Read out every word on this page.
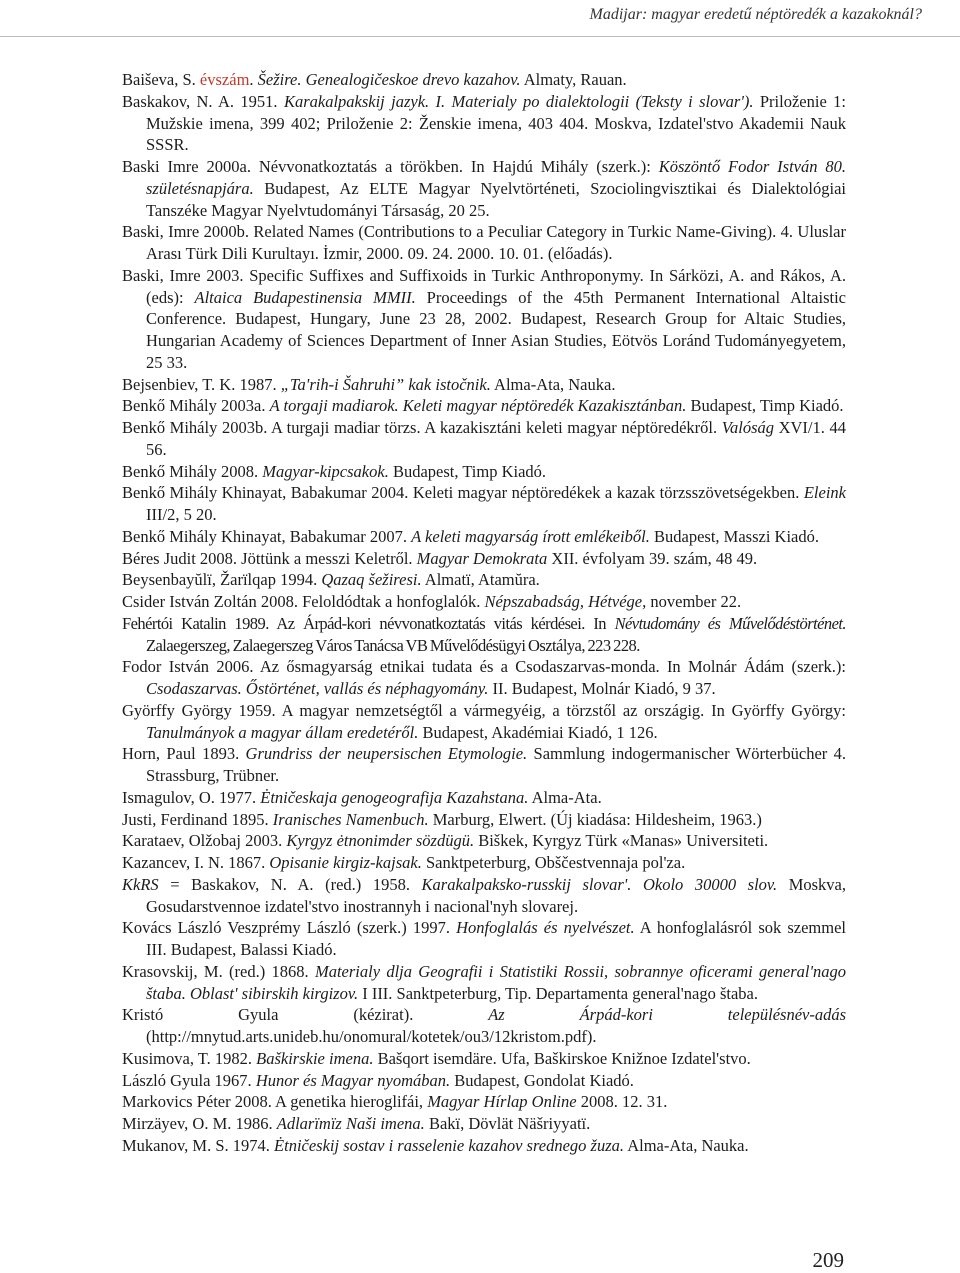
Madijar: magyar eredetű néptöredék a kazakoknál?
Baiševa, S. évszám. Šežire. Genealogičeskoe drevo kazahov. Almaty, Rauan.
Baskakov, N. A. 1951. Karakalpakskij jazyk. I. Materialy po dialektologii (Teksty i slovar'). Priloženie 1: Mužskie imena, 399 402; Priloženie 2: Ženskie imena, 403 404. Moskva, Izdatel'stvo Akademii Nauk SSSR.
Baski Imre 2000a. Névvonatkoztatás a törökben. In Hajdú Mihály (szerk.): Köszöntő Fodor István 80. születésnapjára. Budapest, Az ELTE Magyar Nyelvtörténeti, Szociolingvisztikai és Dialektológiai Tanszéke Magyar Nyelvtudományi Társaság, 20 25.
Baski, Imre 2000b. Related Names (Contributions to a Peculiar Category in Turkic Name-Giving). 4. Uluslar Arası Türk Dili Kurultayı. İzmir, 2000. 09. 24. 2000. 10. 01. (előadás).
Baski, Imre 2003. Specific Suffixes and Suffixoids in Turkic Anthroponymy. In Sárközi, A. and Rákos, A. (eds): Altaica Budapestinensia MMII. Proceedings of the 45th Permanent International Altaistic Conference. Budapest, Hungary, June 23 28, 2002. Budapest, Research Group for Altaic Studies, Hungarian Academy of Sciences Department of Inner Asian Studies, Eötvös Loránd Tudományegyetem, 25 33.
Bejsenbiev, T. K. 1987. „Ta'rih-i Šahruhi” kak istočnik. Alma-Ata, Nauka.
Benkő Mihály 2003a. A torgaji madiarok. Keleti magyar néptöredék Kazakisztánban. Budapest, Timp Kiadó.
Benkő Mihály 2003b. A turgaji madiar törzs. A kazakisztáni keleti magyar néptöredékről. Valóság XVI/1. 44 56.
Benkő Mihály 2008. Magyar-kipcsakok. Budapest, Timp Kiadó.
Benkő Mihály Khinayat, Babakumar 2004. Keleti magyar néptöredékek a kazak törzsszövetségekben. Eleink III/2, 5 20.
Benkő Mihály Khinayat, Babakumar 2007. A keleti magyarság írott emlékeiből. Budapest, Masszi Kiadó.
Béres Judit 2008. Jöttünk a messzi Keletről. Magyar Demokrata XII. évfolyam 39. szám, 48 49.
Beysenbayŭlï, Žarïlqap 1994. Qazaq šežiresi. Almatï, Atamŭra.
Csider István Zoltán 2008. Feloldódtak a honfoglalók. Népszabadság, Hétvége, november 22.
Fehértói Katalin 1989. Az Árpád-kori névvonatkoztatás vitás kérdései. In Névtudomány és Művelődéstörténet. Zalaegerszeg, Zalaegerszeg Város Tanácsa VB Művelődésügyi Osztálya, 223 228.
Fodor István 2006. Az ősmagyarság etnikai tudata és a Csodaszarvas-monda. In Molnár Ádám (szerk.): Csodaszarvas. Őstörténet, vallás és néphagyomány. II. Budapest, Molnár Kiadó, 9 37.
Györffy György 1959. A magyar nemzetségtől a vármegyéig, a törzstől az országig. In Györffy György: Tanulmányok a magyar állam eredetéről. Budapest, Akadémiai Kiadó, 1 126.
Horn, Paul 1893. Grundriss der neupersischen Etymologie. Sammlung indogermanischer Wörterbücher 4. Strassburg, Trübner.
Ismagulov, O. 1977. Ėtničeskaja genogeografija Kazahstana. Alma-Ata.
Justi, Ferdinand 1895. Iranisches Namenbuch. Marburg, Elwert. (Új kiadása: Hildesheim, 1963.)
Karataev, Olžobaj 2003. Kyrgyz ėtnonimder sözdügü. Biškek, Kyrgyz Türk «Manas» Universiteti.
Kazancev, I. N. 1867. Opisanie kirgiz-kajsak. Sanktpeterburg, Obščestvennaja pol'za.
KkRS = Baskakov, N. A. (red.) 1958. Karakalpaksko-russkij slovar'. Okolo 30000 slov. Moskva, Gosudarstvennoe izdatel'stvo inostrannyh i nacional'nyh slovarej.
Kovács László Veszprémy László (szerk.) 1997. Honfoglalás és nyelvészet. A honfoglalásról sok szemmel III. Budapest, Balassi Kiadó.
Krasovskij, M. (red.) 1868. Materialy dlja Geografii i Statistiki Rossii, sobrannye oficerami general'nago štaba. Oblast' sibirskih kirgizov. I III. Sanktpeterburg, Tip. Departamenta general'nago štaba.
Kristó Gyula (kézirat). Az Árpád-kori településnév-adás (http://mnytud.arts.unideb.hu/onomural/kotetek/ou3/12kristom.pdf).
Kusimova, T. 1982. Baškirskie imena. Bašqort isemdäre. Ufa, Baškirskoe Knižnoe Izdatel'stvo.
László Gyula 1967. Hunor és Magyar nyomában. Budapest, Gondolat Kiadó.
Markovics Péter 2008. A genetika hieroglifái, Magyar Hírlap Online 2008. 12. 31.
Mirzäyev, O. M. 1986. Adlarïmïz Naši imena. Bakï, Dövlät Näšriyyatï.
Mukanov, M. S. 1974. Ėtničeskij sostav i rasselenie kazahov srednego žuza. Alma-Ata, Nauka.
209
